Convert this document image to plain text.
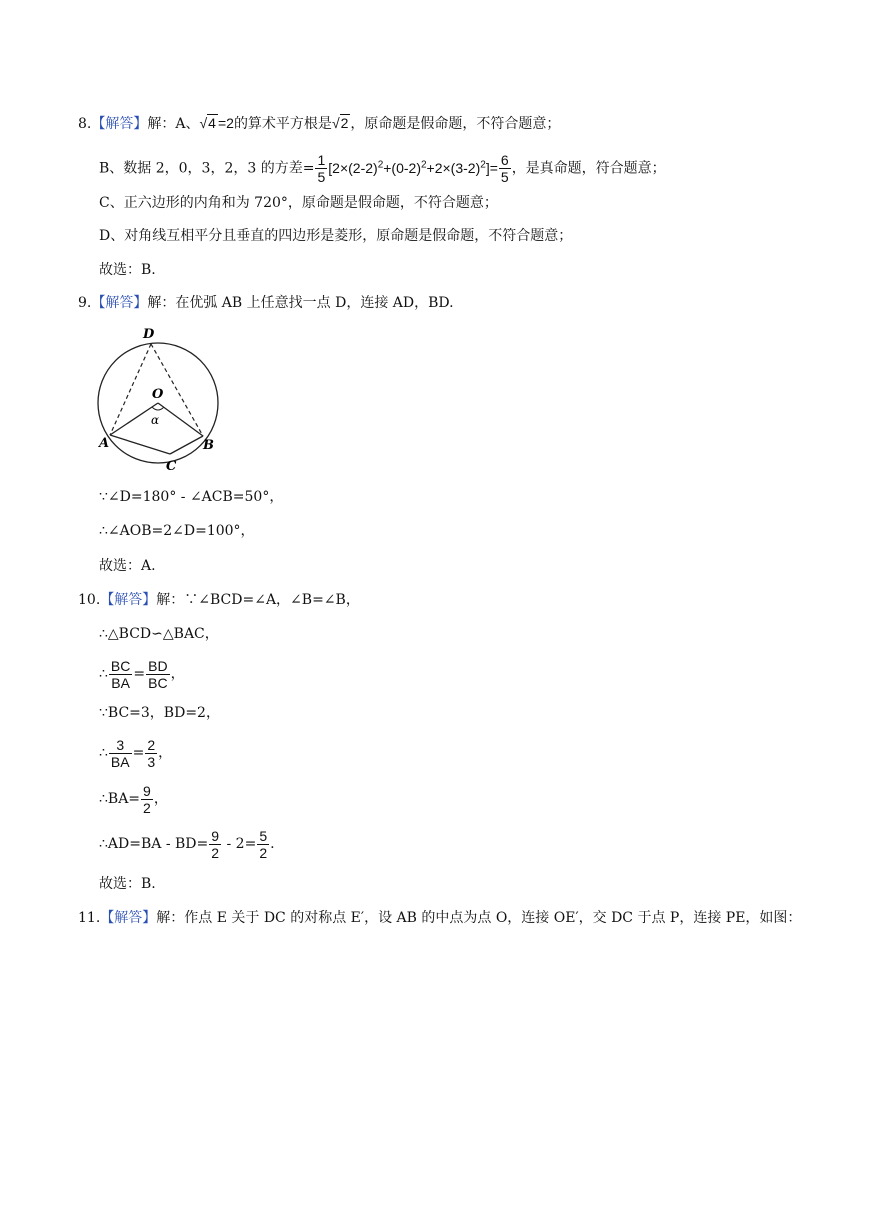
8.【解答】解：A、√4 =2的算术平方根是√2 ，原命题是假命题，不符合题意；
B、数据 2，0，3，2，3 的方差= $\frac{1}{5} [2\times(2-2)^2+(0-2)^2+2\times(3-2)^2]= \frac{6}{5}$ ，是真命题，符合题意；
C、正六边形的内角和为 720°，原命题是假命题，不符合题意；
D、对角线互相平分且垂直的四边形是菱形，原命题是假命题，不符合题意；
故选：B.
9.【解答】解：在优弧 AB 上任意找一点 D，连接 AD，BD.
D
O
α
A	B
C
∵∠D=180° - ∠ACB=50°，
∴∠AOB=2∠D=100°，
故选：A.
10.【解答】解：∵∠BCD=∠A，∠B=∠B，
∴△BCD∽△BAC，
∴ $\frac{BC}{BA} = \frac{BD}{BC}$ ，
∵BC=3，BD=2，
∴ $\frac{3}{BA} = \frac{2}{3}$ ，
∴BA= $\frac{9}{2}$ ，
∴AD=BA - $BD= \frac{9}{2} - 2= \frac{5}{2}$ .
故选：B.
11.【解答】解：作点 E 关于 DC 的对称点 E′，设 AB 的中点为点 O，连接 OE′，交 DC 于点 P，连接 PE，如图：
